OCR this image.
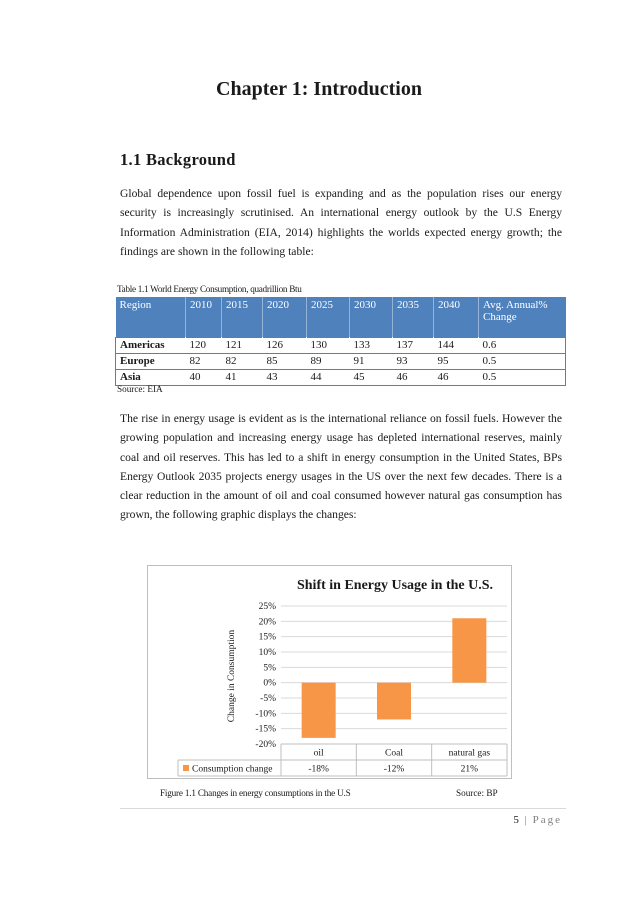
Chapter 1: Introduction
1.1 Background

Global dependence upon fossil fuel is expanding and as the population rises our energy security is increasingly scrutinised. An international energy outlook by the U.S Energy Information Administration (EIA, 2014) highlights the worlds expected energy growth; the findings are shown in the following table:

Table 1.1 World Energy Consumption, quadrillion Btu
Region	2010	2015	2020	2025	2030	2035	2040	Avg. Annual% Change
Americas	120	121	126	130	133	137	144	0.6
Europe	82	82	85	89	91	93	95	0.5
Asia	40	41	43	44	45	46	46	0.5
Source: EIA

The rise in energy usage is evident as is the international reliance on fossil fuels. However the growing population and increasing energy usage has depleted international reserves, mainly coal and oil reserves. This has led to a shift in energy consumption in the United States, BPs Energy Outlook 2035 projects energy usages in the US over the next few decades. There is a clear reduction in the amount of oil and coal consumed however natural gas consumption has grown, the following graphic displays the changes:

Shift in Energy Usage in the U.S.
25%
20%
15%
10%
5%
0%
-5%
-10%
-15%
-20%
Change in Consumption
oil
-18%
Coal
-12%
natural gas
21%
Consumption change
Figure 1.1 Changes in energy consumptions in the U.S	Source: BP
5 | Page
